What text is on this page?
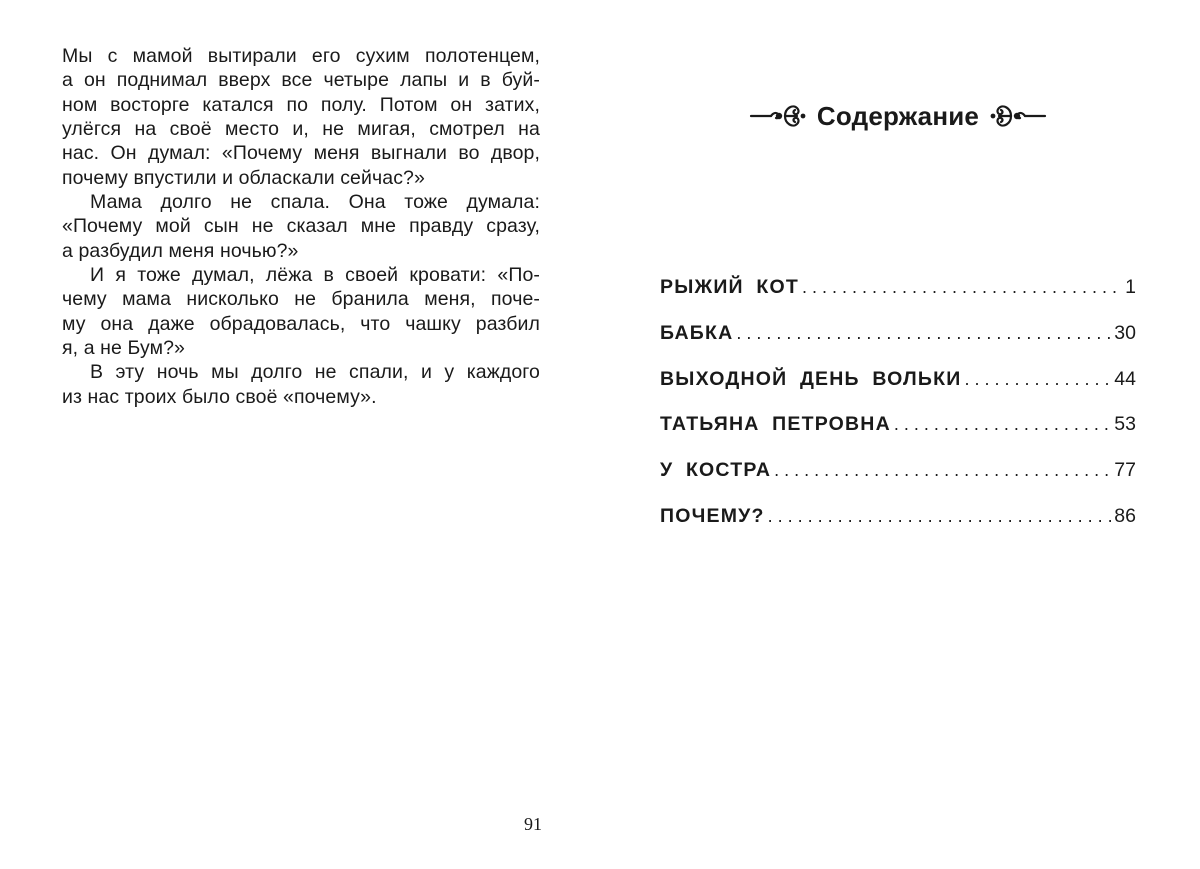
Мы с мамой вытирали его сухим полотенцем,
а он поднимал вверх все четыре лапы и в буй-
ном восторге катался по полу. Потом он затих,
улёгся на своё место и, не мигая, смотрел на
нас. Он думал: «Почему меня выгнали во двор,
почему впустили и обласкали сейчас?»
Мама долго не спала. Она тоже думала:
«Почему мой сын не сказал мне правду сразу,
а разбудил меня ночью?»
И я тоже думал, лёжа в своей кровати: «По-
чему мама нисколько не бранила меня, поче-
му она даже обрадовалась, что чашку разбил
я, а не Бум?»
В эту ночь мы долго не спали, и у каждого
из нас троих было своё «почему».
91
Содержание
РЫЖИЙ КОТ . . .	1
БАБКА . . .	30
ВЫХОДНОЙ ДЕНЬ ВОЛЬКИ . . .	44
ТАТЬЯНА ПЕТРОВНА . . .	53
У КОСТРА . . .	77
ПОЧЕМУ? . . .	86
